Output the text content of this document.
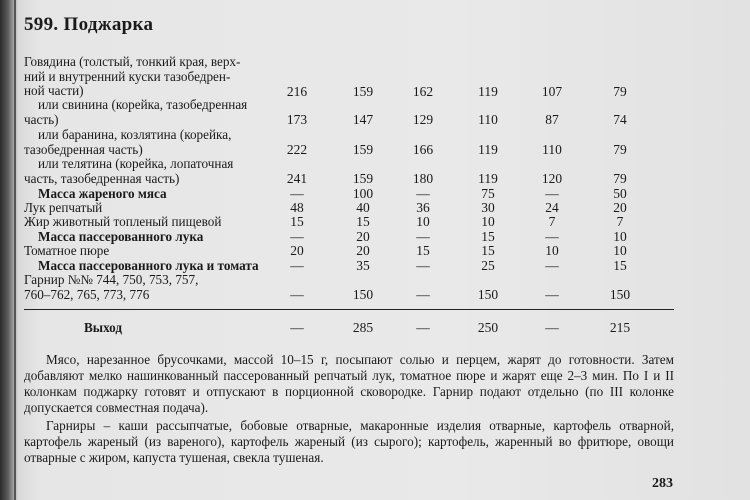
599. Поджарка
Говядина (толстый, тонкий края, верх-
ний и внутренний куски тазобедрен-
ной части)	216	159	162	119	107	79
или свинина (корейка, тазобедренная
часть)	173	147	129	110	87	74
или баранина, козлятина (корейка,
тазобедренная часть)	222	159	166	119	110	79
или телятина (корейка, лопаточная
часть, тазобедренная часть)	241	159	180	119	120	79
Масса жареного мяса	—	100	—	75	—	50
Лук репчатый	48	40	36	30	24	20
Жир животный топленый пищевой	15	15	10	10	7	7
Масса пассерованного лука	—	20	—	15	—	10
Томатное пюре	20	20	15	15	10	10
Масса пассерованного лука и томата	—	35	—	25	—	15
Гарнир №№ 744, 750, 753, 757,
760–762, 765, 773, 776	—	150	—	150	—	150
Выход	—	285	—	250	—	215
Мясо, нарезанное брусочками, массой 10–15 г, посыпают солью и перцем, жарят до готовности. Затем добавляют мелко нашинкованный пассерованный репчатый лук, томатное пюре и жарят еще 2–3 мин. По I и II колонкам поджарку готовят и отпускают в порционной сковородке. Гарнир подают отдельно (по III колонке допускается совместная подача).
Гарниры – каши рассыпчатые, бобовые отварные, макаронные изделия отварные, картофель отварной, картофель жареный (из вареного), картофель жареный (из сырого); картофель, жаренный во фритюре, овощи отварные с жиром, капуста тушеная, свекла тушеная.
283
